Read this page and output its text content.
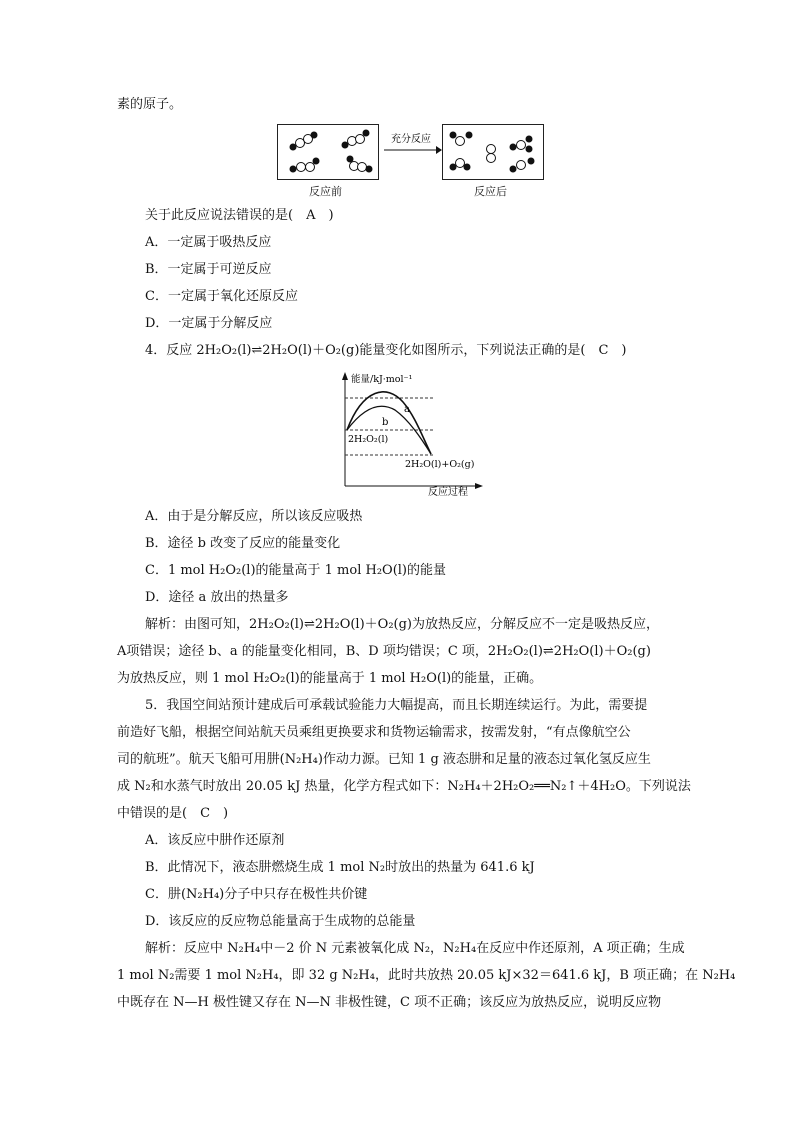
素的原子。
反应前
充分反应
反应后
关于此反应说法错误的是(　A　)
A．一定属于吸热反应
B．一定属于可逆反应
C．一定属于氧化还原反应
D．一定属于分解反应
4．反应 2H₂O₂(l)⇌2H₂O(l)＋O₂(g)能量变化如图所示，下列说法正确的是(　C　)
a
b
能量/kJ·mol⁻¹
2H₂O₂(l)
2H₂O(l)+O₂(g)
反应过程
A．由于是分解反应，所以该反应吸热
B．途径 b 改变了反应的能量变化
C．1 mol H₂O₂(l)的能量高于 1 mol H₂O(l)的能量
D．途径 a 放出的热量多
解析：由图可知，2H₂O₂(l)⇌2H₂O(l)＋O₂(g)为放热反应，分解反应不一定是吸热反应，
A项错误；途径 b、a 的能量变化相同，B、D 项均错误；C 项，2H₂O₂(l)⇌2H₂O(l)＋O₂(g)
为放热反应，则 1 mol H₂O₂(l)的能量高于 1 mol H₂O(l)的能量，正确。
5．我国空间站预计建成后可承载试验能力大幅提高，而且长期连续运行。为此，需要提
前造好飞船，根据空间站航天员乘组更换要求和货物运输需求，按需发射，“有点像航空公
司的航班”。航天飞船可用肼(N₂H₄)作动力源。已知 1 g 液态肼和足量的液态过氧化氢反应生
成 N₂和水蒸气时放出 20.05 kJ 热量，化学方程式如下：N₂H₄＋2H₂O₂══N₂↑＋4H₂O。下列说法
中错误的是(　C　)
A．该反应中肼作还原剂
B．此情况下，液态肼燃烧生成 1 mol N₂时放出的热量为 641.6 kJ
C．肼(N₂H₄)分子中只存在极性共价键
D．该反应的反应物总能量高于生成物的总能量
解析：反应中 N₂H₄中－2 价 N 元素被氧化成 N₂，N₂H₄在反应中作还原剂，A 项正确；生成
1 mol N₂需要 1 mol N₂H₄，即 32 g N₂H₄，此时共放热 20.05 kJ×32＝641.6 kJ，B 项正确；在 N₂H₄
中既存在 N—H 极性键又存在 N—N 非极性键，C 项不正确；该反应为放热反应，说明反应物
